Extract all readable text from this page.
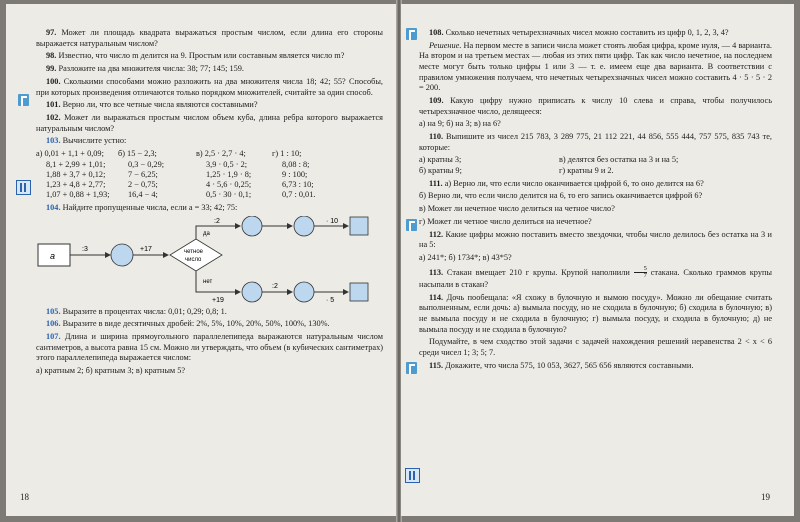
97. Может ли площадь квадрата выражаться простым числом, если длина его стороны выражается натуральным числом?

98. Известно, что число m делится на 9. Простым или составным является число m?

99. Разложите на два множителя числа: 38; 77; 145; 159.

100. Сколькими способами можно разложить на два множителя числа 18; 42; 55? Способы, при которых произведения отличаются только порядком множителей, считайте за один способ.

101. Верно ли, что все четные числа являются составными?

102. Может ли выражаться простым числом объем куба, длина ребра которого выражается натуральным числом?

103. Вычислите устно:

а) 0,01 + 1,1 + 0,09;	б) 15 − 2,3;	в) 2,5 · 2,7 · 4;	г) 1 : 10;
8,1 + 2,99 + 1,01;	0,3 − 0,29;	3,9 · 0,5 · 2;	8,08 : 8;
1,88 + 3,7 + 0,12;	7 − 6,25;	1,25 · 1,9 · 8;	9 : 100;
1,23 + 4,8 + 2,77;	2 − 0,75;	4 · 5,6 · 0,25;	6,73 : 10;
1,07 + 0,88 + 1,93;	16,4 − 4;	0,5 · 30 · 0,1;	0,7 : 0,01.

104. Найдите пропущенные числа, если a = 33; 42; 75:

a
:3	+17	четное
число
да
:2	· 10
нет
+19
:2
· 5

105. Выразите в процентах числа: 0,01; 0,29; 0,8; 1.

106. Выразите в виде десятичных дробей: 2%, 5%, 10%, 20%, 50%, 100%, 130%.

107. Длина и ширина прямоугольного параллелепипеда выражаются натуральным числом сантиметров, а высота равна 15 см. Можно ли утверждать, что объем (в кубических сантиметрах) этого параллелепипеда выражается числом:

а) кратным 2; б) кратным 3; в) кратным 5?

18

108. Сколько нечетных четырехзначных чисел можно составить из цифр 0, 1, 2, 3, 4?

Решение. На первом месте в записи числа может стоять любая цифра, кроме нуля, — 4 варианта. На втором и на третьем местах — любая из этих пяти цифр. Так как число нечетное, на последнем месте могут быть только цифры 1 или 3 — т. е. имеем еще два варианта. В соответствии с правилом умножения получаем, что нечетных четырехзначных чисел можно составить 4 · 5 · 5 · 2 = 200.

109. Какую цифру нужно приписать к числу 10 слева и справа, чтобы получилось четырехзначное число, делящееся:

а) на 9; б) на 3; в) на 6?

110. Выпишите из чисел 215 783, 3 289 775, 21 112 221, 44 856, 555 444, 757 575, 835 743 те, которые:

а) кратны 3;	в) делятся без остатка на 3 и на 5;
б) кратны 9;	г) кратны 9 и 2.

111. а) Верно ли, что если число оканчивается цифрой 6, то оно делится на 6?

б) Верно ли, что если число делится на 6, то его запись оканчивается цифрой 6?

в) Может ли нечетное число делиться на четное число?

г) Может ли четное число делиться на нечетное?

112. Какие цифры можно поставить вместо звездочки, чтобы число делилось без остатка на 3 и на 5:

а) 241*; б) 1734*; в) 43*5?

113. Стакан вмещает 210 г крупы. Крупой наполнили $\frac{5}{7}$ стакана. Сколько граммов крупы насыпали в стакан?

114. Дочь пообещала: «Я схожу в булочную и вымою посуду». Можно ли обещание считать выполненным, если дочь: а) вымыла посуду, но не сходила в булочную; б) сходила в булочную; в) не вымыла посуду и не сходила в булочную; г) вымыла посуду, и сходила в булочную; д) не вымыла посуду и не сходила в булочную?

Подумайте, в чем сходство этой задачи с задачей нахождения решений неравенства 2 < x < 6 среди чисел 1; 3; 5; 7.

115. Докажите, что числа 575, 10 053, 3627, 565 656 являются составными.

19
